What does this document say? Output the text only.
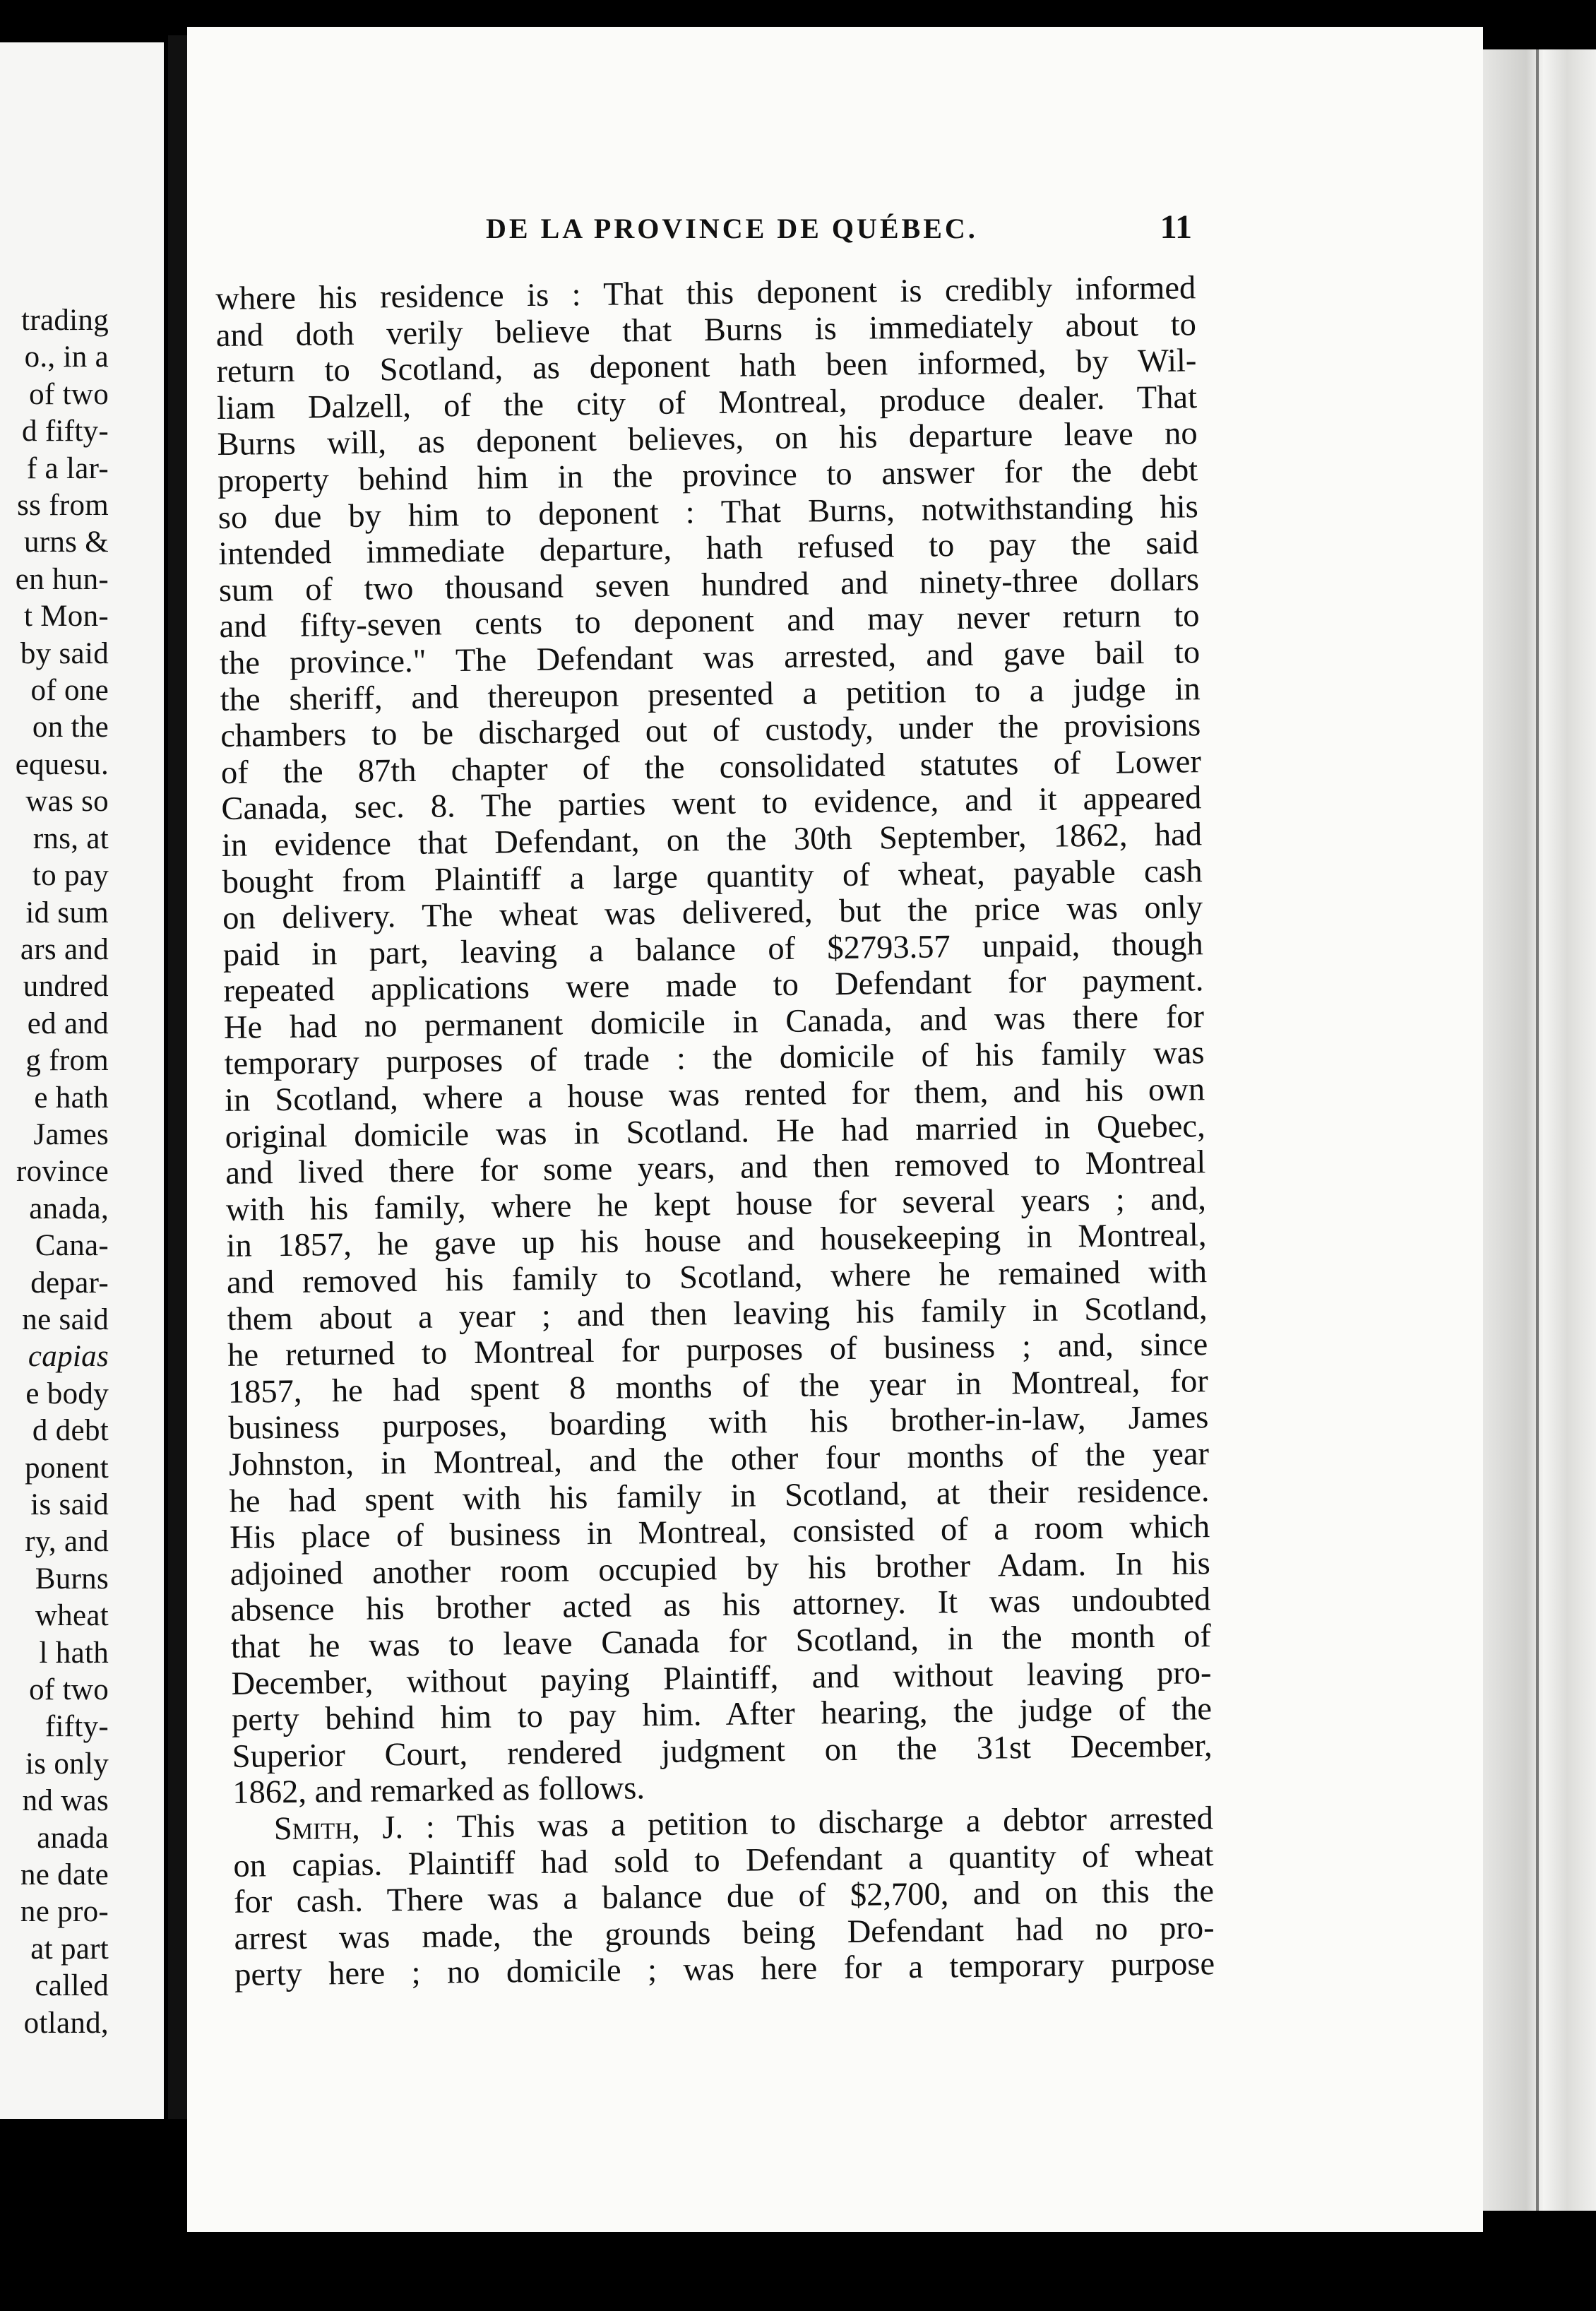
trading
o., in a
of two
d fifty-
f a lar-
ss from
urns &
en hun-
t Mon-
by said
of one
on the
equesu.
was so
rns, at
to pay
id sum
ars and
undred
ed and
g from
e hath
James
rovince
anada,
Cana-
depar-
ne said
capias
e body
d debt
ponent
is said
ry, and
Burns
wheat
l hath
of two
fifty-
is only
nd was
anada
ne date
ne pro-
at part
called
otland,
DE LA PROVINCE DE QUÉBEC.	11
where his residence is : That this deponent is credibly informed
and doth verily believe that Burns is immediately about to
return to Scotland, as deponent hath been informed, by Wil-
liam Dalzell, of the city of Montreal, produce dealer. That
Burns will, as deponent believes, on his departure leave no
property behind him in the province to answer for the debt
so due by him to deponent : That Burns, notwithstanding his
intended immediate departure, hath refused to pay the said
sum of two thousand seven hundred and ninety-three dollars
and fifty-seven cents to deponent and may never return to
the province." The Defendant was arrested, and gave bail to
the sheriff, and thereupon presented a petition to a judge in
chambers to be discharged out of custody, under the provisions
of the 87th chapter of the consolidated statutes of Lower
Canada, sec. 8. The parties went to evidence, and it appeared
in evidence that Defendant, on the 30th September, 1862, had
bought from Plaintiff a large quantity of wheat, payable cash
on delivery. The wheat was delivered, but the price was only
paid in part, leaving a balance of $2793.57 unpaid, though
repeated applications were made to Defendant for payment.
He had no permanent domicile in Canada, and was there for
temporary purposes of trade : the domicile of his family was
in Scotland, where a house was rented for them, and his own
original domicile was in Scotland. He had married in Quebec,
and lived there for some years, and then removed to Montreal
with his family, where he kept house for several years ; and,
in 1857, he gave up his house and housekeeping in Montreal,
and removed his family to Scotland, where he remained with
them about a year ; and then leaving his family in Scotland,
he returned to Montreal for purposes of business ; and, since
1857, he had spent 8 months of the year in Montreal, for
business purposes, boarding with his brother-in-law, James
Johnston, in Montreal, and the other four months of the year
he had spent with his family in Scotland, at their residence.
His place of business in Montreal, consisted of a room which
adjoined another room occupied by his brother Adam. In his
absence his brother acted as his attorney. It was undoubted
that he was to leave Canada for Scotland, in the month of
December, without paying Plaintiff, and without leaving pro-
perty behind him to pay him. After hearing, the judge of the
Superior Court, rendered judgment on the 31st December,
1862, and remarked as follows.
Smith, J. : This was a petition to discharge a debtor arrested
on capias. Plaintiff had sold to Defendant a quantity of wheat
for cash. There was a balance due of $2,700, and on this the
arrest was made, the grounds being Defendant had no pro-
perty here ; no domicile ; was here for a temporary purpose
